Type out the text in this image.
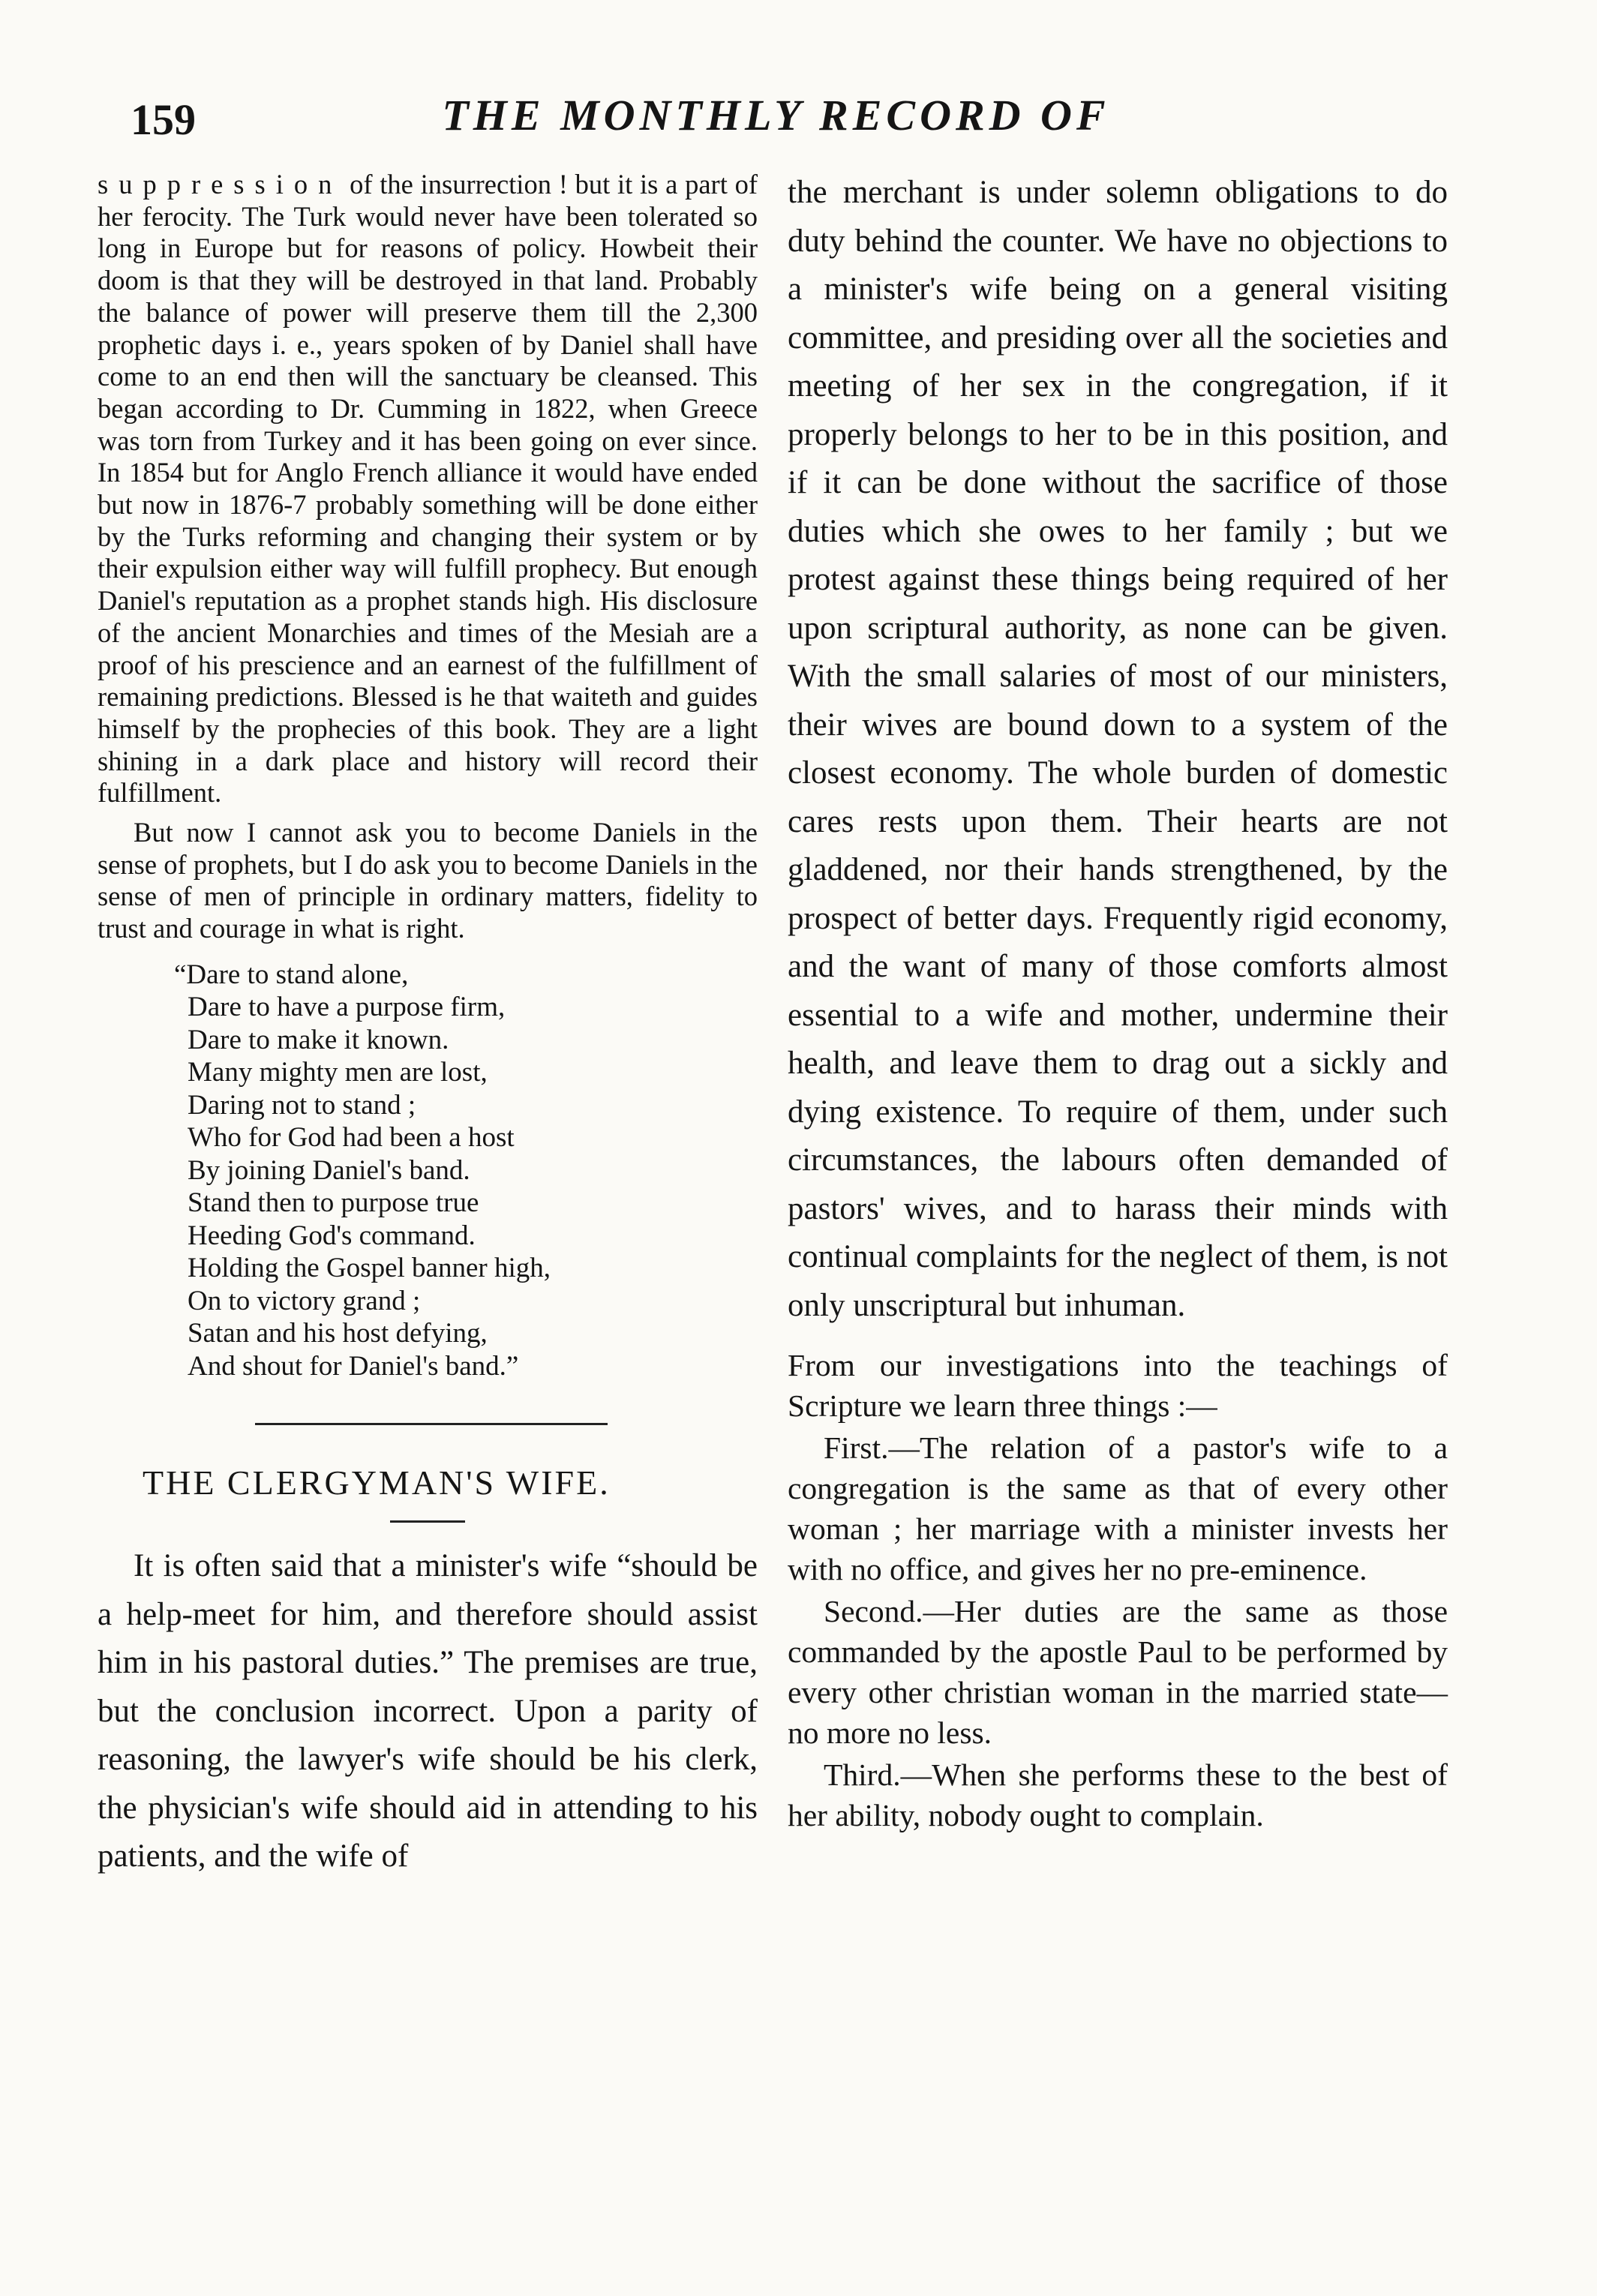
159	THE MONTHLY RECORD OF

suppression of the insurrection ! but it is a part of her ferocity. The Turk would never have been tolerated so long in Europe but for reasons of policy. Howbeit their doom is that they will be destroyed in that land. Probably the balance of power will preserve them till the 2,300 prophetic days i. e., years spoken of by Daniel shall have come to an end then will the sanctuary be cleansed. This began according to Dr. Cumming in 1822, when Greece was torn from Turkey and it has been going on ever since. In 1854 but for Anglo French alliance it would have ended but now in 1876-7 probably something will be done either by the Turks reforming and changing their system or by their expulsion either way will fulfill prophecy. But enough Daniel's reputation as a prophet stands high. His disclosure of the ancient Monarchies and times of the Mesiah are a proof of his prescience and an earnest of the fulfillment of remaining predictions. Blessed is he that waiteth and guides himself by the prophecies of this book. They are a light shining in a dark place and history will record their fulfillment.

But now I cannot ask you to become Daniels in the sense of prophets, but I do ask you to become Daniels in the sense of men of principle in ordinary matters, fidelity to trust and courage in what is right.

“Dare to stand alone,
Dare to have a purpose firm,
Dare to make it known.
Many mighty men are lost,
Daring not to stand ;
Who for God had been a host
By joining Daniel's band.
Stand then to purpose true
Heeding God's command.
Holding the Gospel banner high,
On to victory grand ;
Satan and his host defying,
And shout for Daniel's band.”
THE CLERGYMAN'S WIFE.

It is often said that a minister's wife “should be a help-meet for him, and therefore should assist him in his pastoral duties.” The premises are true, but the conclusion incorrect. Upon a parity of reasoning, the lawyer's wife should be his clerk, the physician's wife should aid in attending to his patients, and the wife of

the merchant is under solemn obligations to do duty behind the counter. We have no objections to a minister's wife being on a general visiting committee, and presiding over all the societies and meeting of her sex in the congregation, if it properly belongs to her to be in this position, and if it can be done without the sacrifice of those duties which she owes to her family ; but we protest against these things being required of her upon scriptural authority, as none can be given. With the small salaries of most of our ministers, their wives are bound down to a system of the closest economy. The whole burden of domestic cares rests upon them. Their hearts are not gladdened, nor their hands strengthened, by the prospect of better days. Frequently rigid economy, and the want of many of those comforts almost essential to a wife and mother, undermine their health, and leave them to drag out a sickly and dying existence. To require of them, under such circumstances, the labours often demanded of pastors' wives, and to harass their minds with continual complaints for the neglect of them, is not only unscriptural but inhuman.

From our investigations into the teachings of Scripture we learn three things :—

First.—The relation of a pastor's wife to a congregation is the same as that of every other woman ; her marriage with a minister invests her with no office, and gives her no pre-eminence.

Second.—Her duties are the same as those commanded by the apostle Paul to be performed by every other christian woman in the married state—no more no less.

Third.—When she performs these to the best of her ability, nobody ought to complain.
